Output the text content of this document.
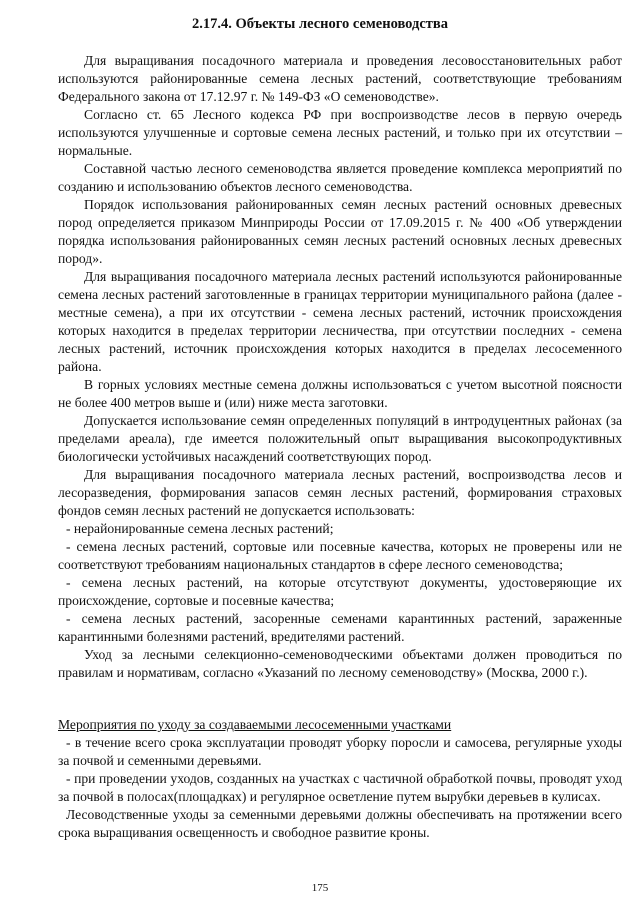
2.17.4. Объекты лесного семеноводства
Для выращивания посадочного материала и проведения лесовосстановительных работ используются районированные семена лесных растений, соответствующие требованиям Федерального закона от 17.12.97 г. № 149-ФЗ «О семеноводстве».
Согласно ст. 65 Лесного кодекса РФ при воспроизводстве лесов в первую очередь используются улучшенные и сортовые семена лесных растений, и только при их отсутствии – нормальные.
Составной частью лесного семеноводства является проведение комплекса мероприятий по созданию и использованию объектов лесного семеноводства.
Порядок использования районированных семян лесных растений основных древесных пород определяется приказом Минприроды России от 17.09.2015 г. № 400 «Об утверждении порядка использования районированных семян лесных растений основных лесных древесных пород».
Для выращивания посадочного материала лесных растений используются районированные семена лесных растений заготовленные в границах территории муниципального района (далее - местные семена), а при их отсутствии - семена лесных растений, источник происхождения которых находится в пределах территории лесничества, при отсутствии последних - семена лесных растений, источник происхождения которых находится в пределах лесосеменного района.
В горных условиях местные семена должны использоваться с учетом высотной поясности не более 400 метров выше и (или) ниже места заготовки.
Допускается использование семян определенных популяций в интродуцентных районах (за пределами ареала), где имеется положительный опыт выращивания высокопродуктивных биологически устойчивых насаждений соответствующих пород.
Для выращивания посадочного материала лесных растений, воспроизводства лесов и лесоразведения, формирования запасов семян лесных растений, формирования страховых фондов семян лесных растений не допускается использовать:
- нерайонированные семена лесных растений;
- семена лесных растений, сортовые или посевные качества, которых не проверены или не соответствуют требованиям национальных стандартов в сфере лесного семеноводства;
- семена лесных растений, на которые отсутствуют документы, удостоверяющие их происхождение, сортовые и посевные качества;
- семена лесных растений, засоренные семенами карантинных растений, зараженные карантинными болезнями растений, вредителями растений.
Уход за лесными селекционно-семеноводческими объектами должен проводиться по правилам и нормативам, согласно «Указаний по лесному семеноводству» (Москва, 2000 г.).
Мероприятия по уходу за создаваемыми лесосеменными участками
- в течение всего срока эксплуатации проводят уборку поросли и самосева, регулярные уходы за почвой и семенными деревьями.
- при проведении уходов, созданных на участках с частичной обработкой почвы, проводят уход за почвой в полосах(площадках) и регулярное осветление путем вырубки деревьев в кулисах.
Лесоводственные уходы за семенными деревьями должны обеспечивать на протяжении всего срока выращивания освещенность и свободное развитие кроны.
175
